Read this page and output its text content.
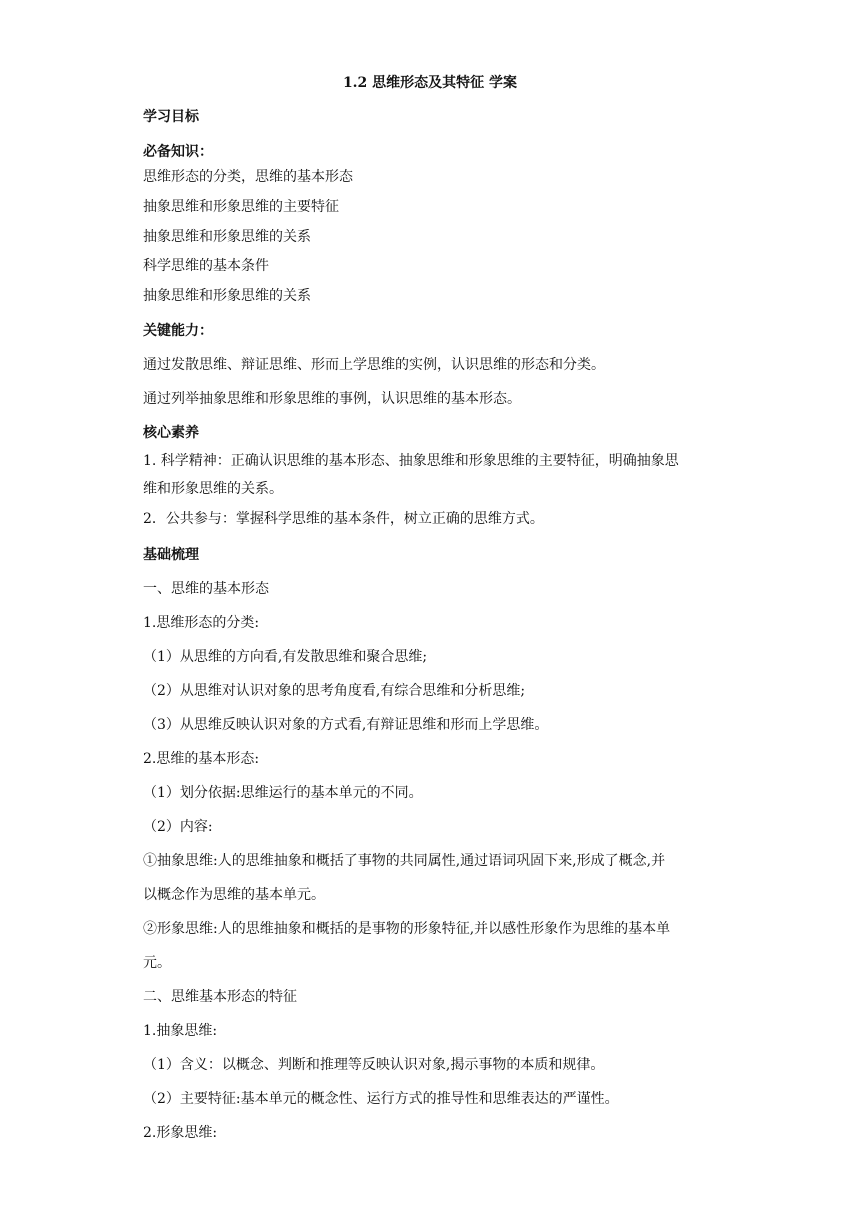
1.2 思维形态及其特征 学案
学习目标
必备知识：
思维形态的分类，思维的基本形态
抽象思维和形象思维的主要特征
抽象思维和形象思维的关系
科学思维的基本条件
抽象思维和形象思维的关系
关键能力：
通过发散思维、辩证思维、形而上学思维的实例，认识思维的形态和分类。
通过列举抽象思维和形象思维的事例，认识思维的基本形态。
核心素养
1. 科学精神：正确认识思维的基本形态、抽象思维和形象思维的主要特征，明确抽象思
维和形象思维的关系。
2．公共参与：掌握科学思维的基本条件，树立正确的思维方式。
基础梳理
一、思维的基本形态
1.思维形态的分类:
（1）从思维的方向看,有发散思维和聚合思维;
（2）从思维对认识对象的思考角度看,有综合思维和分析思维;
（3）从思维反映认识对象的方式看,有辩证思维和形而上学思维。
2.思维的基本形态:
（1）划分依据:思维运行的基本单元的不同。
（2）内容:
①抽象思维:人的思维抽象和概括了事物的共同属性,通过语词巩固下来,形成了概念,并
以概念作为思维的基本单元。
②形象思维:人的思维抽象和概括的是事物的形象特征,并以感性形象作为思维的基本单
元。
二、思维基本形态的特征
1.抽象思维:
（1）含义：以概念、判断和推理等反映认识对象,揭示事物的本质和规律。
（2）主要特征:基本单元的概念性、运行方式的推导性和思维表达的严谨性。
2.形象思维:
